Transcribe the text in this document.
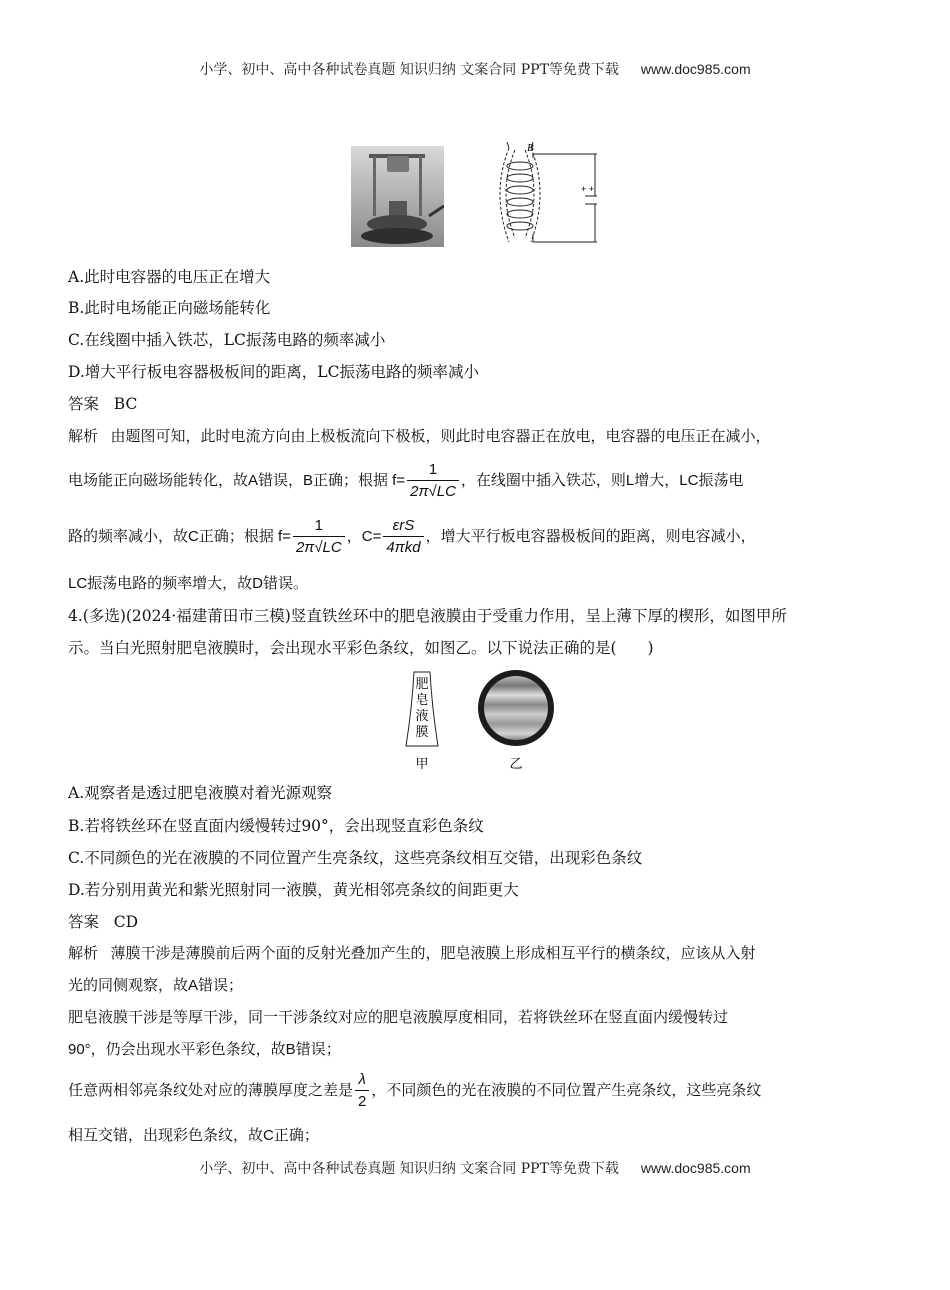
小学、初中、高中各种试卷真题 知识归纳 文案合同 PPT等免费下载 www.doc985.com
B
+ +
A.此时电容器的电压正在增大
B.此时电场能正向磁场能转化
C.在线圈中插入铁芯，LC振荡电路的频率减小
D.增大平行板电容器极板间的距离，LC振荡电路的频率减小
答案 BC
解析 由题图可知，此时电流方向由上极板流向下极板，则此时电容器正在放电，电容器的电压正在减小，
电场能正向磁场能转化，故A错误，B正确；根据 $f= \frac{1}{2\pi√LC}$ ，在线圈中插入铁芯，则L增大，LC振荡电
路的频率减小，故C正确；根据 $f= \frac{1}{2\pi√LC}$ ，$C= \frac{\text{εrS}}{\text{4πkd}}$ ，增大平行板电容器极板间的距离，则电容减小，
LC振荡电路的频率增大，故D错误。
4.(多选)(2024·福建莆田市三模)竖直铁丝环中的肥皂液膜由于受重力作用，呈上薄下厚的楔形，如图甲所
示。当白光照射肥皂液膜时，会出现水平彩色条纹，如图乙。以下说法正确的是(　　)
肥
皂
液
膜
甲	乙
A.观察者是透过肥皂液膜对着光源观察
B.若将铁丝环在竖直面内缓慢转过90°，会出现竖直彩色条纹
C.不同颜色的光在液膜的不同位置产生亮条纹，这些亮条纹相互交错，出现彩色条纹
D.若分别用黄光和紫光照射同一液膜，黄光相邻亮条纹的间距更大
答案 CD
解析 薄膜干涉是薄膜前后两个面的反射光叠加产生的，肥皂液膜上形成相互平行的横条纹，应该从入射
光的同侧观察，故A错误；
肥皂液膜干涉是等厚干涉，同一干涉条纹对应的肥皂液膜厚度相同，若将铁丝环在竖直面内缓慢转过
90°，仍会出现水平彩色条纹，故B错误；
任意两相邻亮条纹处对应的薄膜厚度之差是 $\frac{\lambda}{2}$ ，不同颜色的光在液膜的不同位置产生亮条纹，这些亮条纹
相互交错，出现彩色条纹，故C正确；
小学、初中、高中各种试卷真题 知识归纳 文案合同 PPT等免费下载 www.doc985.com
